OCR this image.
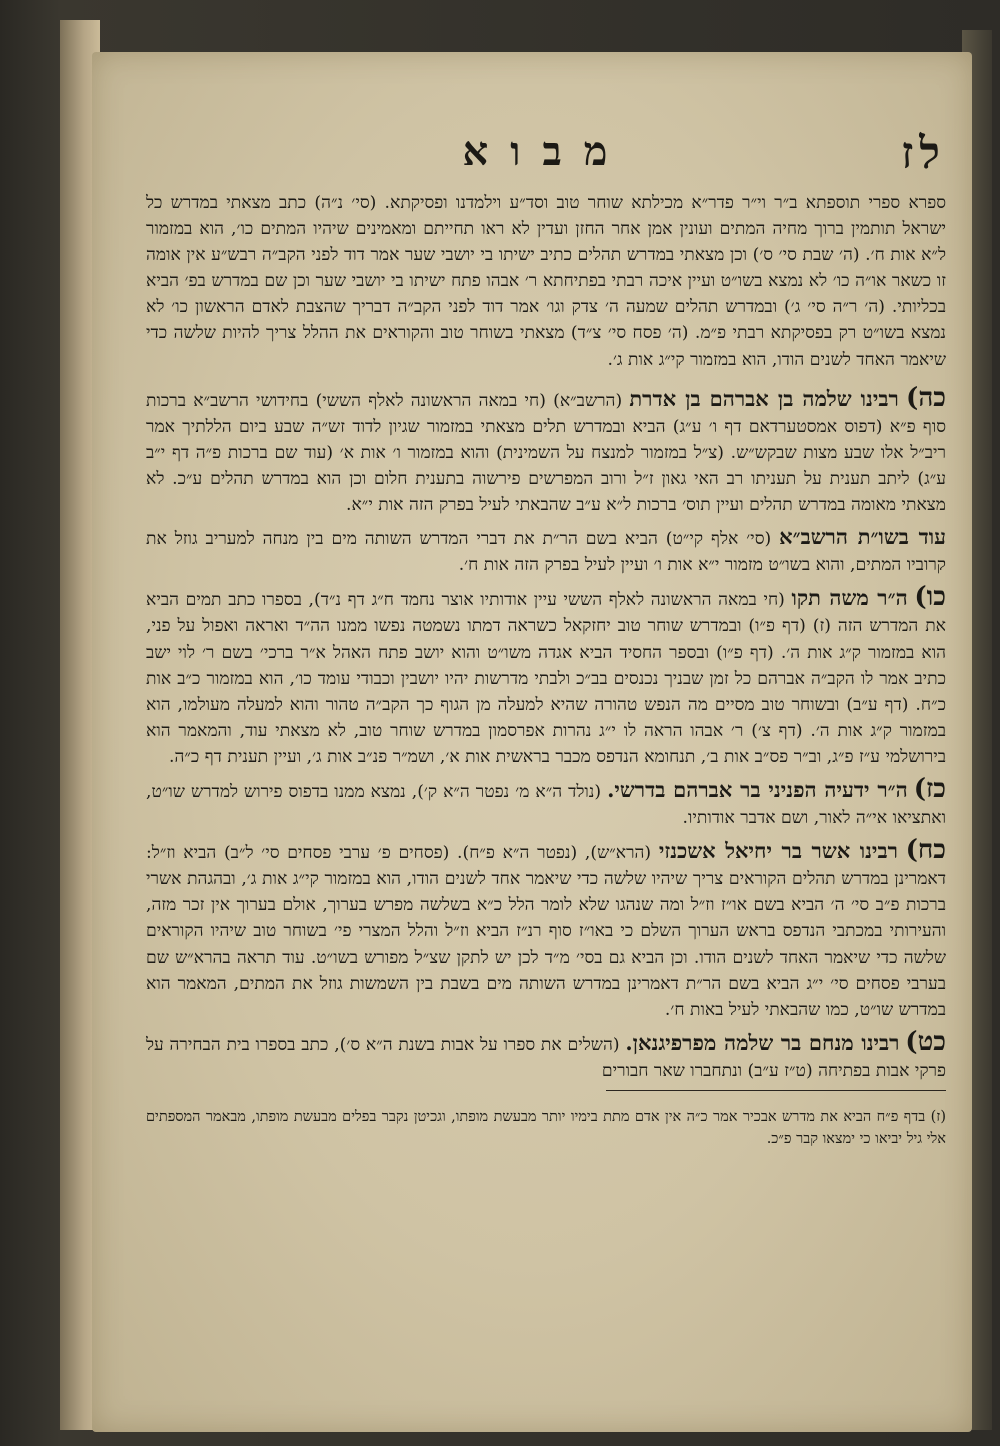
לז
מבוא

ספרא ספרי תוספתא ב״ר וי״ר פדר״א מכילתא שוחר טוב וסד״ע וילמדנו ופסיקתא. (סי׳ נ״ה) כתב מצאתי במדרש כל ישראל תותמין ברוך מחיה המתים ועונין אמן אחר החזן ועדין לא ראו תחייתם ומאמינים שיהיו המתים כו׳, הוא במזמור ל״א אות ח׳. (ה׳ שבת סי׳ ס׳) וכן מצאתי במדרש תהלים כתיב ישיתו בי יושבי שער אמר דוד לפני הקב״ה רבש״ע אין אומה זו כשאר או״ה כו׳ לא נמצא בשו״ט ועיין איכה רבתי בפתיחתא ר׳ אבהו פתח ישיתו בי יושבי שער וכן שם במדרש בפ׳ הביא בכליותי. (ה׳ ר״ה סי׳ ג׳) ובמדרש תהלים שמעה ה׳ צדק וגו׳ אמר דוד לפני הקב״ה דבריך שהצבת לאדם הראשון כו׳ לא נמצא בשו״ט רק בפסיקתא רבתי פ״מ. (ה׳ פסח סי׳ צ״ד) מצאתי בשוחר טוב והקוראים את ההלל צריך להיות שלשה כדי שיאמר האחד לשנים הודו, הוא במזמור קי״ג אות ג׳.

כה) רבינו שלמה בן אברהם בן אדרת (הרשב״א) (חי במאה הראשונה לאלף הששי) בחידושי הרשב״א ברכות סוף פ״א (דפוס אמסטערדאם דף ו׳ ע״ג) הביא ובמדרש תלים מצאתי במזמור שגיון לדוד זש״ה שבע ביום הללתיך אמר ריב״ל אלו שבע מצות שבקש״ש. (צ״ל במזמור למנצח על השמינית) והוא במזמור ו׳ אות א׳ (עוד שם ברכות פ״ה דף י״ב ע״ג) ליתב תענית על תעניתו רב האי גאון ז״ל ורוב המפרשים פירשוה בתענית חלום וכן הוא במדרש תהלים ע״כ. לא מצאתי מאומה במדרש תהלים ועיין תוס׳ ברכות ל״א ע״ב שהבאתי לעיל בפרק הזה אות י״א.

עוד בשו״ת הרשב״א (סי׳ אלף קי״ט) הביא בשם הר״ת את דברי המדרש השותה מים בין מנחה למעריב גוזל את קרוביו המתים, והוא בשו״ט מזמור י״א אות ו׳ ועיין לעיל בפרק הזה אות ח׳.

כו) ה״ר משה תקו (חי במאה הראשונה לאלף הששי עיין אודותיו אוצר נחמד ח״ג דף נ״ד), בספרו כתב תמים הביא את המדרש הזה (ז) (דף פ״ו) ובמדרש שוחר טוב יחזקאל כשראה דמתו נשמטה נפשו ממנו הה״ד ואראה ואפול על פני, הוא במזמור ק״ג אות ה׳. (דף פ״ו) ובספר החסיד הביא אגדה משו״ט והוא יושב פתח האהל א״ר ברכי׳ בשם ר׳ לוי ישב כתיב אמר לו הקב״ה אברהם כל זמן שבניך נכנסים בב״כ ולבתי מדרשות יהיו יושבין וכבודי עומד כו׳, הוא במזמור כ״ב אות כ״ח. (דף ע״ב) ובשוחר טוב מסיים מה הנפש טהורה שהיא למעלה מן הגוף כך הקב״ה טהור והוא למעלה מעולמו, הוא במזמור ק״ג אות ה׳. (דף צ׳) ר׳ אבהו הראה לו י״ג נהרות אפרסמון במדרש שוחר טוב, לא מצאתי עוד, והמאמר הוא בירושלמי ע״ז פ״ג, וב״ר פס״ב אות ב׳, תנחומא הנדפס מכבר בראשית אות א׳, ושמ״ר פנ״ב אות ג׳, ועיין תענית דף כ״ה.

כז) ה״ר ידעיה הפניני בר אברהם בדרשי. (נולד ה״א מ׳ נפטר ה״א ק׳), נמצא ממנו בדפוס פירוש למדרש שו״ט, ואתציאו אי״ה לאור, ושם אדבר אודותיו.

כח) רבינו אשר בר יחיאל אשכנזי (הרא״ש), (נפטר ה״א פ״ח). (פסחים פ׳ ערבי פסחים סי׳ ל״ב) הביא וז״ל: דאמרינן במדרש תהלים הקוראים צריך שיהיו שלשה כדי שיאמר אחד לשנים הודו, הוא במזמור קי״ג אות ג׳, ובהגהת אשרי ברכות פ״ב סי׳ ה׳ הביא בשם או״ז וז״ל ומה שנהגו שלא לומר הלל כ״א בשלשה מפרש בערוך, אולם בערוך אין זכר מזה, והעירותי במכתבי הנדפס בראש הערוך השלם כי באו״ז סוף רנ״ז הביא וז״ל והלל המצרי פי׳ בשוחר טוב שיהיו הקוראים שלשה כדי שיאמר האחד לשנים הודו. וכן הביא גם בסי׳ מ״ד לכן יש לתקן שצ״ל מפורש בשו״ט. עוד תראה בהרא״ש שם בערבי פסחים סי׳ י״ג הביא בשם הר״ת דאמרינן במדרש השותה מים בשבת בין השמשות גוזל את המתים, המאמר הוא במדרש שו״ט, כמו שהבאתי לעיל באות ח׳.

כט) רבינו מנחם בר שלמה מפרפיגנאן. (השלים את ספרו על אבות בשנת ה״א ס׳), כתב בספרו בית הבחירה על פרקי אבות בפתיחה (ט״ז ע״ב) ונתחברו שאר חבורים

(ז) בדף פ״ח הביא את מדרש אבכיר אמר כ״ה אין אדם מתת בימיו יותר מבעשת מופתו, וגכיטן נקבר בפלים מבעשת מופתו, מבאמר המספתים אלי גיל יביאו כי ימצאו קבר פ״כ.
